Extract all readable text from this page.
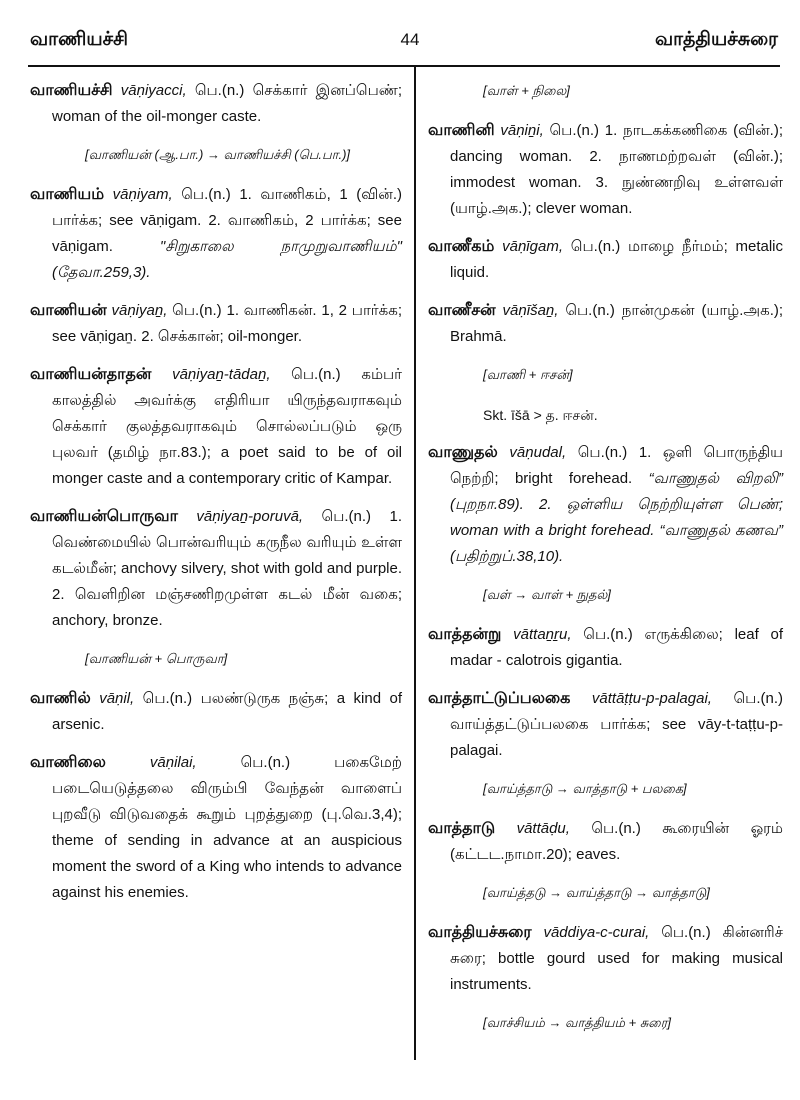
வாணியச்சி	44	வாத்தியச்சுரை

வாணியச்சி vāṇiyacci, பெ.(n.) செக்கார் இனப்பெண்; woman of the oil-monger caste.

[வாணியன் (ஆ.பா.) → வாணியச்சி (பெ.பா.)]

வாணியம் vāṇiyam, பெ.(n.) 1. வாணிகம், 1 (வின்.) பார்க்க; see vāṇigam. 2. வாணிகம், 2 பார்க்க; see vāṇigam.	"சிறுகாலை நாமுறுவாணியம்" (தேவா.259,3).

வாணியன் vāṇiyaṉ, பெ.(n.) 1. வாணிகன். 1, 2 பார்க்க; see vāṇigaṉ. 2. செக்கான்; oil-monger.

வாணியன்தாதன் vāṇiyaṉ-tādaṉ, பெ.(n.) கம்பர் காலத்தில் அவர்க்கு எதிரியா யிருந்தவராகவும் செக்கார் குலத்தவராகவும் சொல்லப்படும் ஒரு புலவர் (தமிழ் நா.83.); a poet said to be of oil monger caste and a contemporary critic of Kampar.

வாணியன்பொருவா vāṇiyaṉ-poruvā, பெ.(n.) 1. வெண்மையில் பொன்வரியும் கருநீல வரியும் உள்ள கடல்மீன்; anchovy silvery, shot with gold and purple. 2. வெளிறின மஞ்சணிறமுள்ள கடல் மீன் வகை; anchory, bronze.

[வாணியன் + பொருவா]

வாணில் vāṇil, பெ.(n.) பலண்டுருக நஞ்சு; a kind of arsenic.

வாணிலை	vāṇilai,	பெ.(n.)	பகைமேற் படையெடுத்தலை விரும்பி வேந்தன் வாளைப் புறவீடு விடுவதைக் கூறும் புறத்துறை (பு.வெ.3,4); theme of sending in advance at an auspicious moment the sword of a King who intends to advance against his enemies.

[வாள் + நிலை]

வாணினி vāṇiṉi, பெ.(n.) 1. நாடகக்கணிகை (வின்.); dancing woman. 2. நாணமற்றவள் (வின்.); immodest woman. 3. நுண்ணறிவு உள்ளவள் (யாழ்.அக.); clever woman.

வாணீகம் vāṇīgam, பெ.(n.) மாழை நீர்மம்; metalic liquid.

வாணீசன் vāṇīšaṉ, பெ.(n.) நான்முகன் (யாழ்.அக.); Brahmā.

[வாணி + ஈசன்]
Skt. īšā > த. ஈசன்.

வாணுதல் vāṇudal, பெ.(n.) 1. ஒளி பொருந்திய நெற்றி; bright forehead. “வாணுதல் விறலி” (புறநா.89). 2. ஒள்ளிய நெற்றியுள்ள பெண்; woman with a bright forehead. “வாணுதல் கணவ” (பதிற்றுப்.38,10).

[வள் → வாள் + நுதல்]

வாத்தன்று vāttaṉṟu, பெ.(n.) எருக்கிலை; leaf of madar - calotrois gigantia.

வாத்தாட்டுப்பலகை vāttāṭṭu-p-palagai, பெ.(n.) வாய்த்தட்டுப்பலகை பார்க்க; see vāy-t-taṭṭu-p-palagai.

[வாய்த்தாடு → வாத்தாடு + பலகை]

வாத்தாடு vāttāḍu, பெ.(n.) கூரையின் ஓரம் (கட்டட.நாமா.20); eaves.

[வாய்த்தடு → வாய்த்தாடு → வாத்தாடு]

வாத்தியச்சுரை vāddiya-c-curai, பெ.(n.) கின்னரிச் சுரை; bottle gourd used for making musical instruments.

[வாச்சியம் → வாத்தியம் + சுரை]
